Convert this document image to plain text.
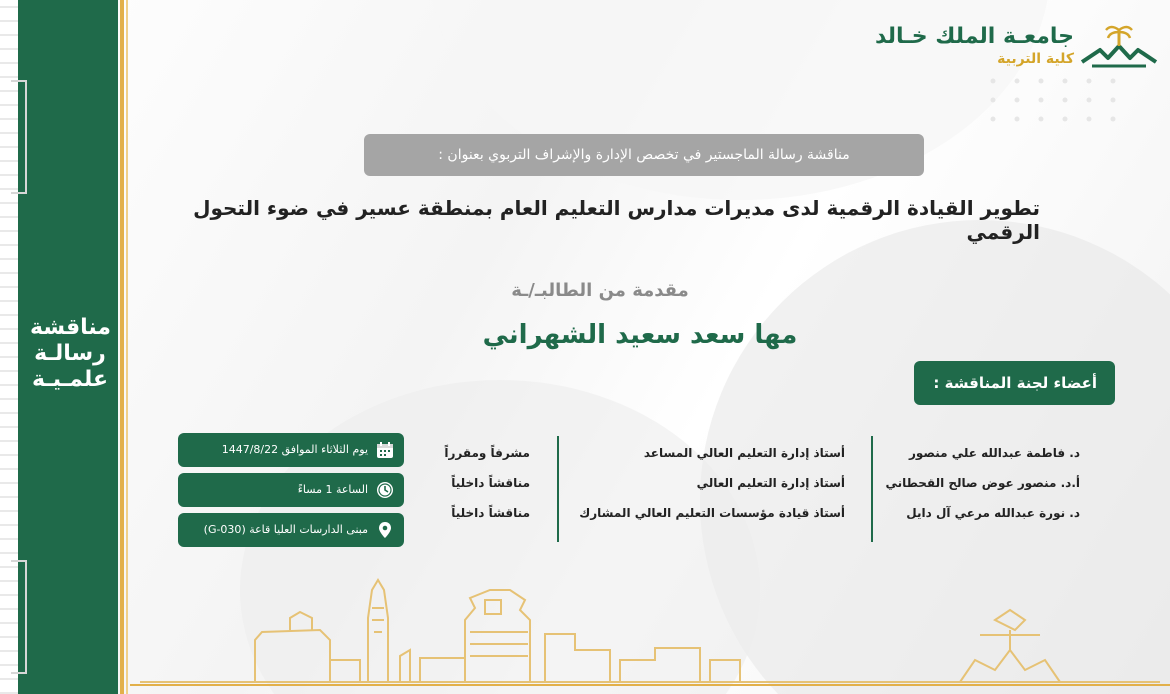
مناقشة
رسالـة
علمـيـة
جامعـة الملك خـالد
كلية التربية
مناقشة رسالة الماجستير في تخصص الإدارة والإشراف التربوي بعنوان :
تطوير القيادة الرقمية لدى مديرات مدارس التعليم العام بمنطقة عسير في ضوء التحول الرقمي
مقدمة من الطالبـ/ـة
مها سعد سعيد الشهراني
أعضاء لجنة المناقشة :
د. فاطمة عبدالله علي منصور
أ.د. منصور عوض صالح القحطاني
د. نورة عبدالله مرعي آل دايل
أستاذ إدارة التعليم العالي المساعد
أستاذ إدارة التعليم العالي
أستاذ قيادة مؤسسات التعليم العالي المشارك
مشرفاً ومقرراً
مناقشاً داخلياً
مناقشاً داخلياً
يوم الثلاثاء الموافق 1447/8/22
الساعة 1 مساءً
مبنى الدارسات العليا قاعة (G-030)
